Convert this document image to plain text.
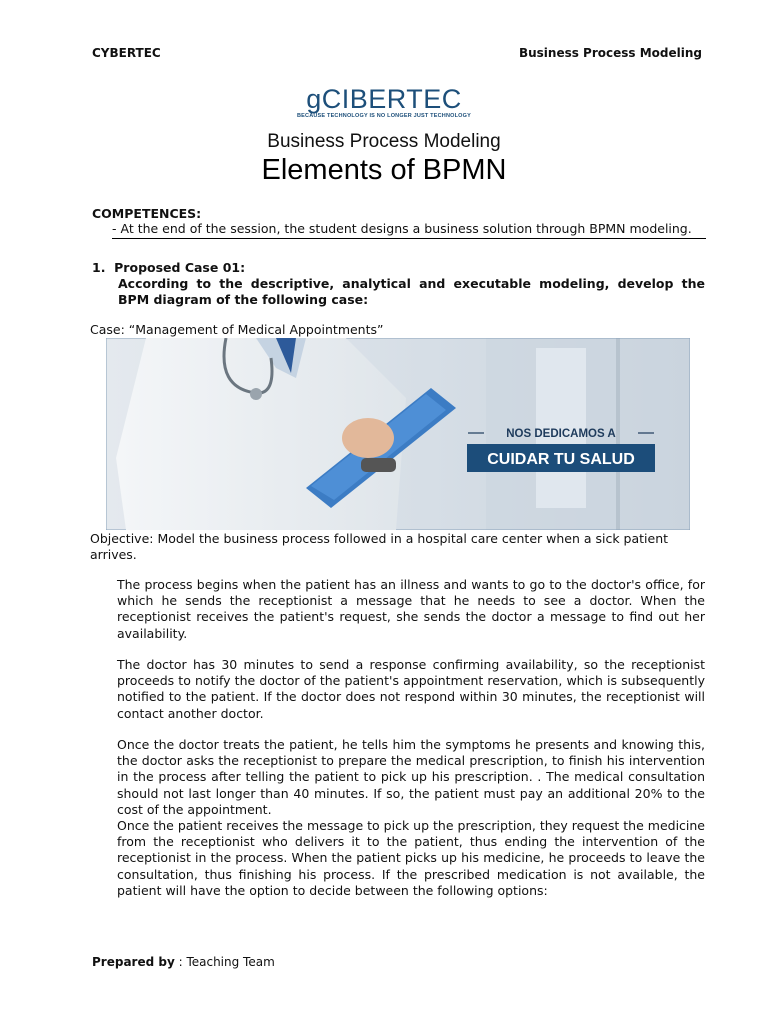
CYBERTEC	Business Process Modeling
gCIBERTEC
BECAUSE TECHNOLOGY IS NO LONGER JUST TECHNOLOGY
Business Process Modeling
Elements of BPMN
COMPETENCES:
- At the end of the session, the student designs a business solution through BPMN modeling.
1.  Proposed Case 01:
According to the descriptive, analytical and executable modeling, develop the BPM diagram of the following case:
Case: “Management of Medical Appointments”
NOS DEDICAMOS A
CUIDAR TU SALUD
Objective: Model the business process followed in a hospital care center when a sick patient arrives.
The process begins when the patient has an illness and wants to go to the doctor's office, for which he sends the receptionist a message that he needs to see a doctor. When the receptionist receives the patient's request, she sends the doctor a message to find out her availability.
The doctor has 30 minutes to send a response confirming availability, so the receptionist proceeds to notify the doctor of the patient's appointment reservation, which is subsequently notified to the patient. If the doctor does not respond within 30 minutes, the receptionist will contact another doctor.
Once the doctor treats the patient, he tells him the symptoms he presents and knowing this, the doctor asks the receptionist to prepare the medical prescription, to finish his intervention in the process after telling the patient to pick up his prescription. . The medical consultation should not last longer than 40 minutes. If so, the patient must pay an additional 20% to the cost of the appointment.
Once the patient receives the message to pick up the prescription, they request the medicine from the receptionist who delivers it to the patient, thus ending the intervention of the receptionist in the process. When the patient picks up his medicine, he proceeds to leave the consultation, thus finishing his process. If the prescribed medication is not available, the patient will have the option to decide between the following options:
Prepared by : Teaching Team
